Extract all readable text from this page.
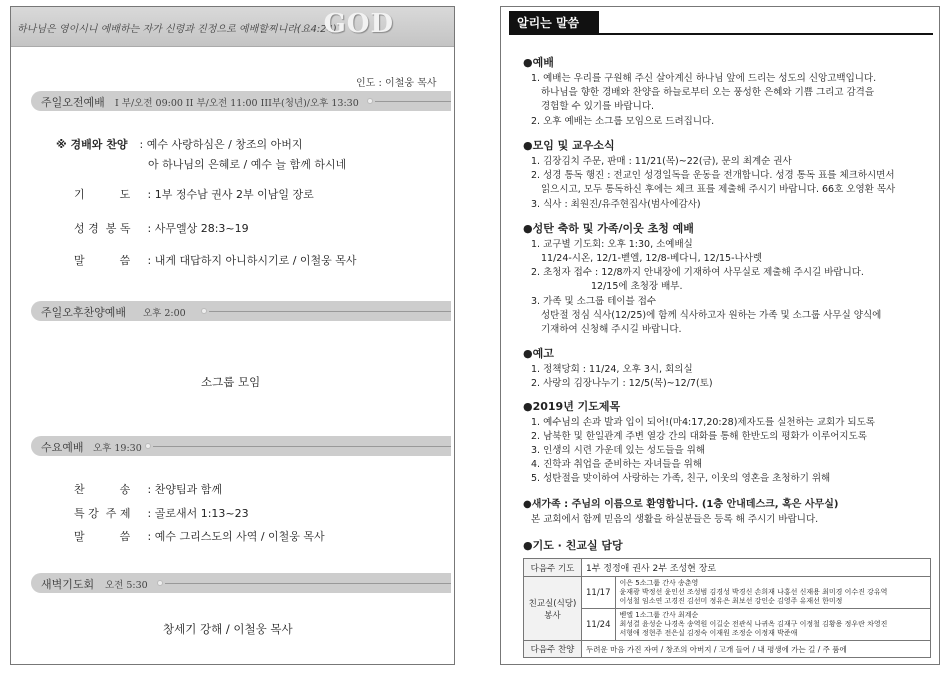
하나님은 영이시니 예배하는 자가 신령과 진정으로 예배할찌니라(요4:24)
GOD
인도 : 이철웅 목사
주일오전예배 I 부/오전 09:00 II 부/오전 11:00 III부(청년)/오후 13:30
※ 경배와 찬양 : 예수 사랑하심은 / 창조의 아버지
아 하나님의 은혜로 / 예수 늘 함께 하시네
기          도 : 1부 정수남 권사 2부 이남일 장로
성 경  봉 독 : 사무엘상 28:3~19
말          씀 : 내게 대답하지 아니하시기로 / 이철웅 목사
주일오후찬양예배 오후 2:00
소그룹 모임
수요예배 오후 19:30
찬          송 : 찬양팀과 함께
특 강  주 제 : 골로새서 1:13~23
말          씀 : 예수 그리스도의 사역 / 이철웅 목사
새벽기도회 오전 5:30
창세기 강해 / 이철웅 목사
알리는 말씀
●예배
1. 예배는 우리를 구원해 주신 살아계신 하나님 앞에 드리는 성도의 신앙고백입니다.
하나님을 향한 경배와 찬양을 하늘로부터 오는 풍성한 은혜와 기쁨 그리고 감격을
경험할 수 있기를 바랍니다.
2. 오후 예배는 소그룹 모임으로 드려집니다.
●모임 및 교우소식
1. 김장김치 주문, 판매 : 11/21(목)~22(금), 문의 최계순 권사
2. 성경 통독 행진 : 전교인 성경일독을 운동을 전개합니다. 성경 통독 표를 체크하시면서
읽으시고, 모두 통독하신 후에는 체크 표를 제출해 주시기 바랍니다. 66호 오영환 목사
3. 식사 : 최원진/유주현집사(범사에감사)
●성탄 축하 및 가족/이웃 초청 예배
1. 교구별 기도회: 오후 1:30, 소예배실
11/24-시온, 12/1-벧엘, 12/8-베다니, 12/15-나사렛
2. 초청자 접수 : 12/8까지 안내장에 기재하여 사무실로 제출해 주시길 바랍니다.
12/15에 초청장 배부.
3. 가족 및 소그룹 테이블 접수
성탄절 정심 식사(12/25)에 함께 식사하고자 원하는 가족 및 소그룹 사무실 양식에
기재하여 신청해 주시길 바랍니다.
●예고
1. 정책당회 : 11/24, 오후 3시, 회의실
2. 사랑의 김장나누기 : 12/5(목)~12/7(토)
●2019년 기도제목
1. 예수님의 손과 발과 입이 되어!(마4:17,20:28)제자도를 실천하는 교회가 되도록
2. 남북한 및 한일관계 주변 열강 간의 대화를 통해 한반도의 평화가 이루어지도록
3. 인생의 시련 가운데 있는 성도들을 위해
4. 진학과 취업을 준비하는 자녀들을 위해
5. 성탄절을 맞이하여 사랑하는 가족, 친구, 이웃의 영혼을 초청하기 위해
●새가족 : 주님의 이름으로 환영합니다. (1층 안내데스크, 혹은 사무실)
본 교회에서 함께 믿음의 생활을 하실분들은 등록 해 주시기 바랍니다.
●기도 · 친교실 담당
다음주 기도	1부 정정애 권사 2부 조성현 장로	
친교실(식당)
봉사	11/17	이은 5소그룹 간사 송춘영
윤재광 박정선 윤인선 조성범 김경성 박경신 손희재 나홍선 신재용 최미경 이수진 강유역
이성철 임소연 고경진 김선미 정유은 최보선 강인순 김영주 유재선 한미정
	11/24	벧엘 1소그룹 간사 최계순
최성결 윤성순 나경옥 송역원 이길순 전관식 나귀옥 김재구 이정철 김황용 정우란 차영진
서형애 정현주 전은실 김정숙 이재원 조정순 이정재 박준애
다음주 찬양	두려운 마음 가진 자여 / 창조의 아버지 / 고개 들어 / 내 평생에 가는 길 / 주 품에	
